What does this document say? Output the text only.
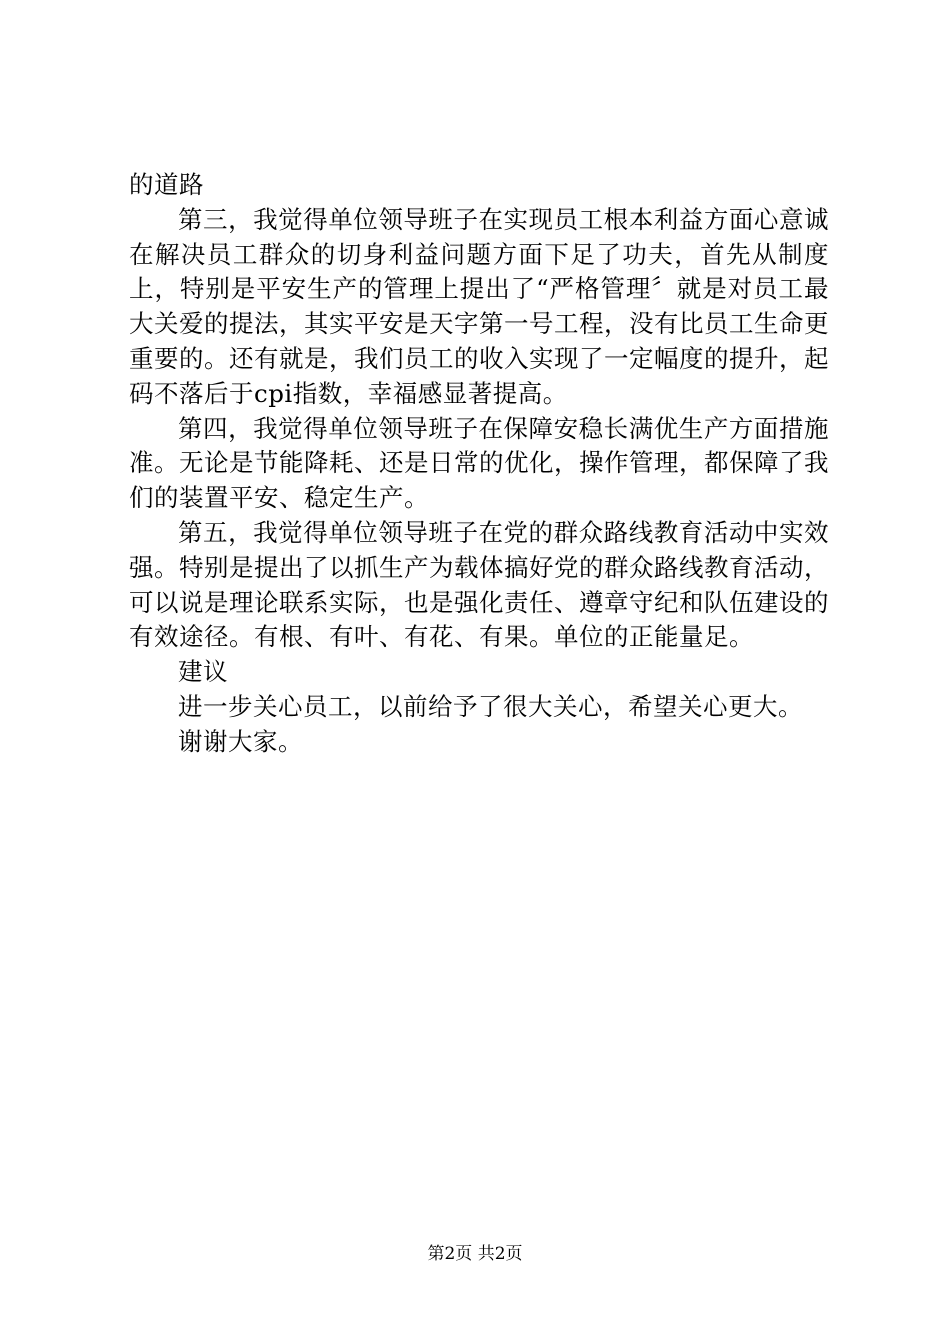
的道路

第三，我觉得单位领导班子在实现员工根本利益方面心意诚在解决员工群众的切身利益问题方面下足了功夫，首先从制度上，特别是平安生产的管理上提出了“严格管理〞就是对员工最大关爱的提法，其实平安是天字第一号工程，没有比员工生命更重要的。还有就是，我们员工的收入实现了一定幅度的提升，起码不落后于cpi指数，幸福感显著提高。

第四，我觉得单位领导班子在保障安稳长满优生产方面措施准。无论是节能降耗、还是日常的优化，操作管理，都保障了我们的装置平安、稳定生产。

第五，我觉得单位领导班子在党的群众路线教育活动中实效强。特别是提出了以抓生产为载体搞好党的群众路线教育活动，可以说是理论联系实际，也是强化责任、遵章守纪和队伍建设的有效途径。有根、有叶、有花、有果。单位的正能量足。

建议

进一步关心员工，以前给予了很大关心，希望关心更大。

谢谢大家。

第2页 共2页
